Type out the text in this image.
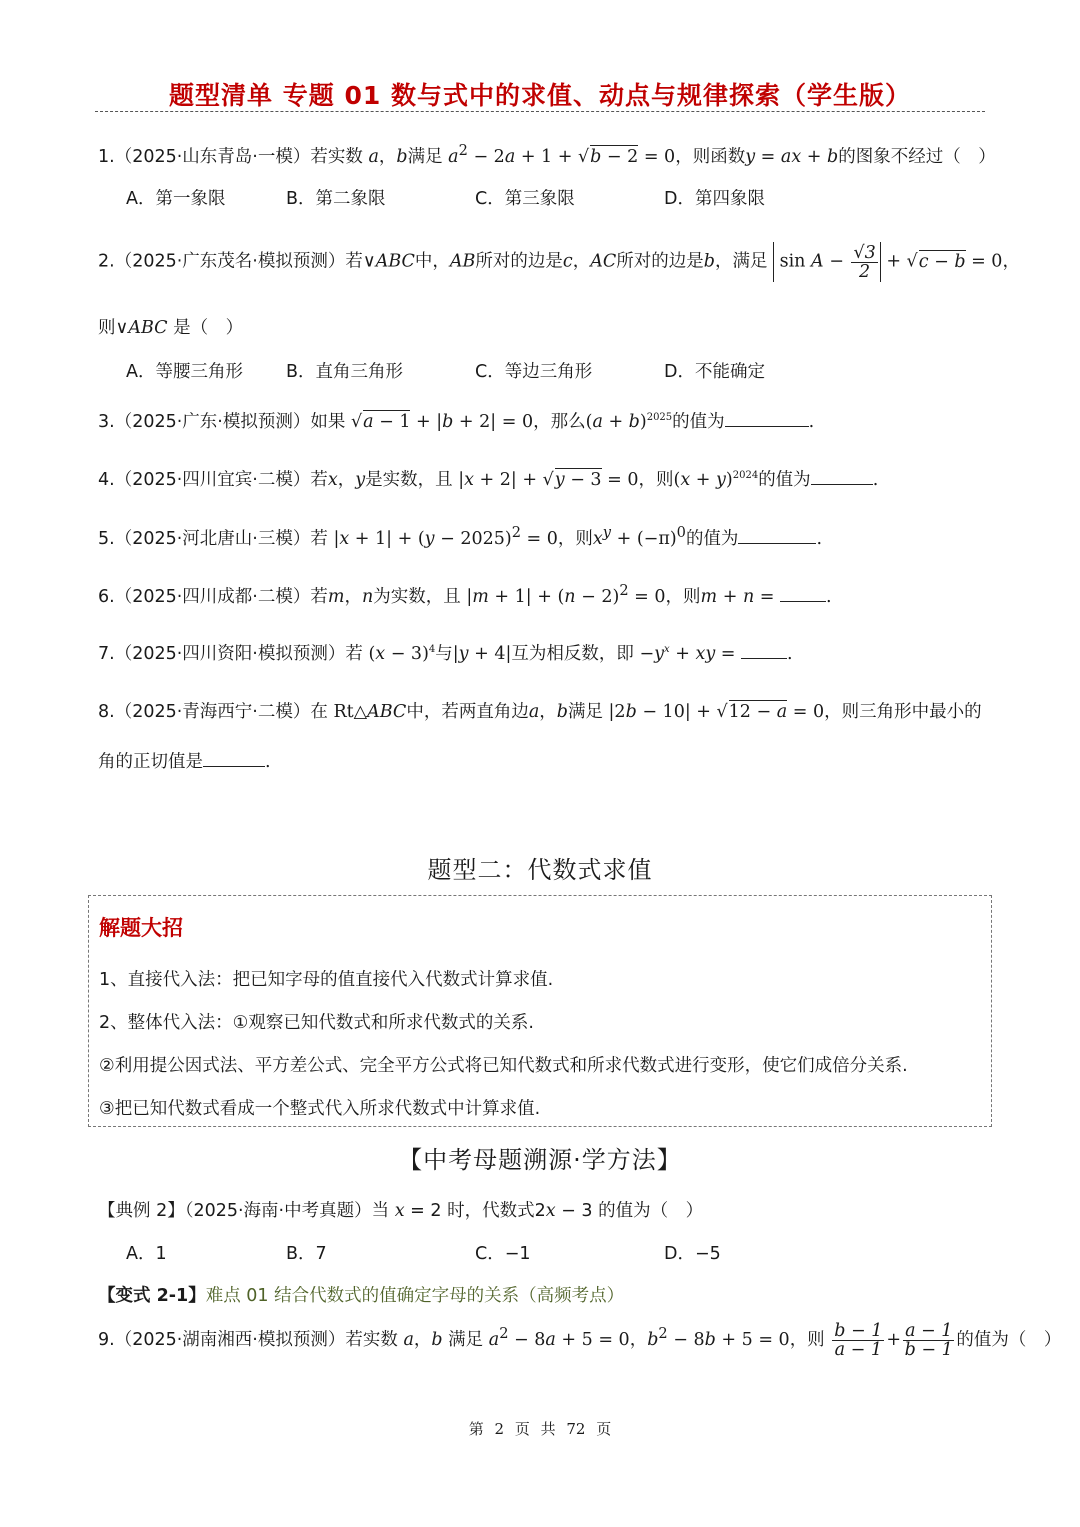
题型清单 专题 01 数与式中的求值、动点与规律探索（学生版）
1.（2025·山东青岛·一模）若实数 a，b满足 $a^2 - 2a + 1 + √b - 2 = 0$，则函数y = ax + b的图象不经过（　）
A．第一象限	B．第二象限	C．第三象限	D．第四象限
2.（2025·广东茂名·模拟预测）若∨ABC中，AB所对的边是c，AC所对的边是b，满足  $\sin A - \frac{√3}{2} + √c - b = 0$，
则∨ABC 是（　）
A．等腰三角形 B．直角三角形	C．等边三角形	D．不能确定
3.（2025·广东·模拟预测）如果 √a − 1 + |b + 2| = 0，那么$(a + b)^{2025}$的值为	.
4.（2025·四川宜宾·二模）若x，y是实数，且 |x + 2| + √y − 3 = 0，则$(x + y)^{2024}$的值为	.
5.（2025·河北唐山·三模）若 $|x + 1| + (y - 2025)^2 = 0$，则$x^y + (-\pi)^0$的值为	.
6.（2025·四川成都·二模）若m，n为实数，且 $|m + 1| + (n - 2)^2 = 0$，则m + n =	.
7.（2025·四川资阳·模拟预测）若 $(x - 3)^4$与|y + 4|互为相反数，即 $-y^x$ + xy =	.
8.（2025·青海西宁·二模）在 Rt△ABC中，若两直角边a，b满足 |2b − 10| + √12 − a = 0，则三角形中最小的
角的正切值是	.
题型二：代数式求值
解题大招
1、直接代入法：把已知字母的值直接代入代数式计算求值.
2、整体代入法：①观察已知代数式和所求代数式的关系.
②利用提公因式法、平方差公式、完全平方公式将已知代数式和所求代数式进行变形，使它们成倍分关系.
③把已知代数式看成一个整式代入所求代数式中计算求值.
【中考母题溯源·学方法】
【典例 2】（2025·海南·中考真题）当 x = 2 时，代数式2x − 3 的值为（　）
A．1	B．7	C．−1	D．−5
【变式 2-1】难点 01 结合代数式的值确定字母的关系（高频考点）
9.（2025·湖南湘西·模拟预测）若实数 a，b 满足 $a^2 - 8a + 5 = 0$，$b^2 - 8b + 5 = 0$，则 $\frac{b - 1}{a - 1} + \frac{a - 1}{b - 1}$ 的值为（　）
第 2 页 共 72 页
